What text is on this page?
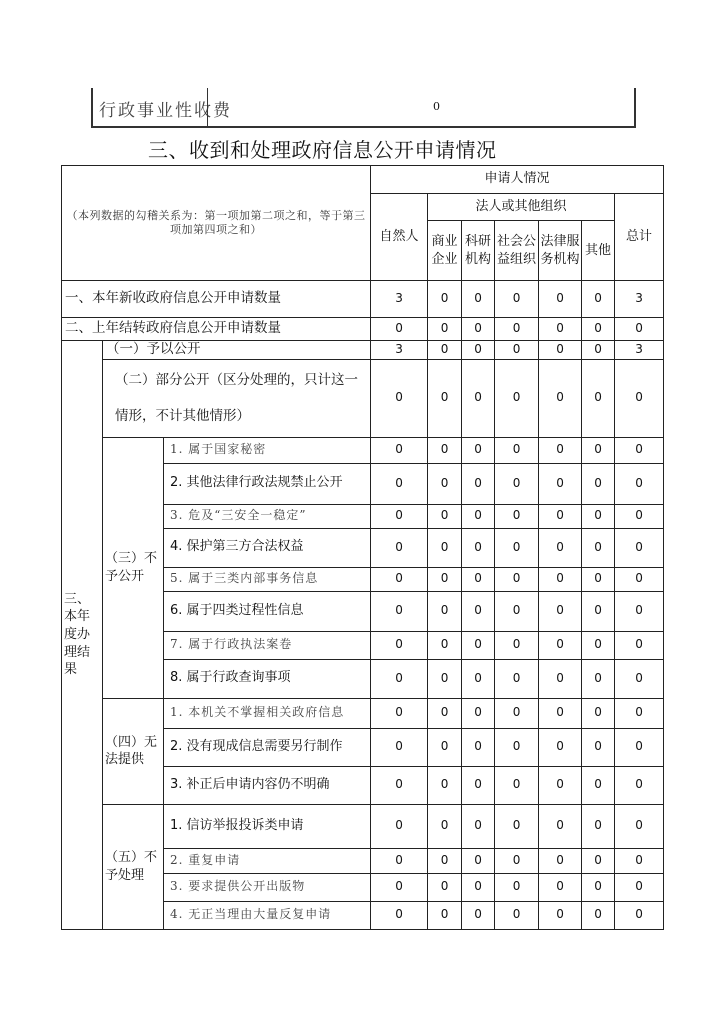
行政事业性收费	0
三、收到和处理政府信息公开申请情况
（本列数据的勾稽关系为：第一项加第二项之和，等于第三项加第四项之和）			申请人情况						
			自然人	法人或其他组织					总计
				商业企业	科研机构	社会公益组织	法律服务机构	其他	
一、本年新收政府信息公开申请数量			3	0	0	0	0	0	3
二、上年结转政府信息公开申请数量			0	0	0	0	0	0	0
三、本年度办理结果	（一）予以公开		3	0	0	0	0	0	3
	（二）部分公开（区分处理的，只计这一情形，不计其他情形）		0	0	0	0	0	0	0
	（三）不予公开	1. 属于国家秘密	0	0	0	0	0	0	0
		2. 其他法律行政法规禁止公开	0	0	0	0	0	0	0
		3. 危及“三安全一稳定”	0	0	0	0	0	0	0
		4. 保护第三方合法权益	0	0	0	0	0	0	0
		5. 属于三类内部事务信息	0	0	0	0	0	0	0
		6. 属于四类过程性信息	0	0	0	0	0	0	0
		7. 属于行政执法案卷	0	0	0	0	0	0	0
		8. 属于行政查询事项	0	0	0	0	0	0	0
	（四）无法提供	1. 本机关不掌握相关政府信息	0	0	0	0	0	0	0
		2. 没有现成信息需要另行制作	0	0	0	0	0	0	0
		3. 补正后申请内容仍不明确	0	0	0	0	0	0	0
	（五）不予处理	1. 信访举报投诉类申请	0	0	0	0	0	0	0
		2. 重复申请	0	0	0	0	0	0	0
		3. 要求提供公开出版物	0	0	0	0	0	0	0
		4. 无正当理由大量反复申请	0	0	0	0	0	0	0
